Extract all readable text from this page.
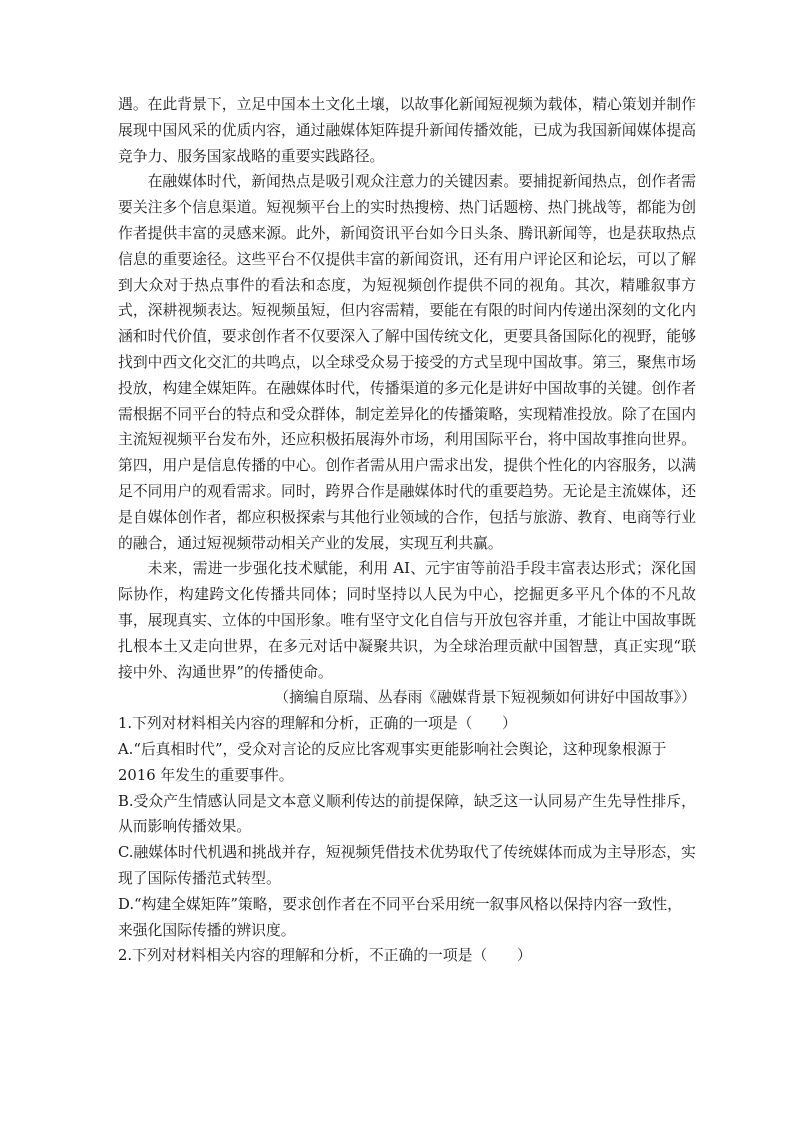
遇。在此背景下，立足中国本土文化土壤，以故事化新闻短视频为载体，精心策划并制作展现中国风采的优质内容，通过融媒体矩阵提升新闻传播效能，已成为我国新闻媒体提高竞争力、服务国家战略的重要实践路径。

在融媒体时代，新闻热点是吸引观众注意力的关键因素。要捕捉新闻热点，创作者需要关注多个信息渠道。短视频平台上的实时热搜榜、热门话题榜、热门挑战等，都能为创作者提供丰富的灵感来源。此外，新闻资讯平台如今日头条、腾讯新闻等，也是获取热点信息的重要途径。这些平台不仅提供丰富的新闻资讯，还有用户评论区和论坛，可以了解到大众对于热点事件的看法和态度，为短视频创作提供不同的视角。其次，精雕叙事方式，深耕视频表达。短视频虽短，但内容需精，要能在有限的时间内传递出深刻的文化内涵和时代价值，要求创作者不仅要深入了解中国传统文化，更要具备国际化的视野，能够找到中西文化交汇的共鸣点，以全球受众易于接受的方式呈现中国故事。第三，聚焦市场投放，构建全媒矩阵。在融媒体时代，传播渠道的多元化是讲好中国故事的关键。创作者需根据不同平台的特点和受众群体，制定差异化的传播策略，实现精准投放。除了在国内主流短视频平台发布外，还应积极拓展海外市场，利用国际平台，将中国故事推向世界。第四，用户是信息传播的中心。创作者需从用户需求出发，提供个性化的内容服务，以满足不同用户的观看需求。同时，跨界合作是融媒体时代的重要趋势。无论是主流媒体，还是自媒体创作者，都应积极探索与其他行业领域的合作，包括与旅游、教育、电商等行业的融合，通过短视频带动相关产业的发展，实现互利共赢。

未来，需进一步强化技术赋能，利用 AI、元宇宙等前沿手段丰富表达形式；深化国际协作，构建跨文化传播共同体；同时坚持以人民为中心，挖掘更多平凡个体的不凡故事，展现真实、立体的中国形象。唯有坚守文化自信与开放包容并重，才能让中国故事既扎根本土又走向世界，在多元对话中凝聚共识，为全球治理贡献中国智慧，真正实现“联接中外、沟通世界”的传播使命。

（摘编自原瑞、丛春雨《融媒背景下短视频如何讲好中国故事》）

1.下列对材料相关内容的理解和分析，正确的一项是（　　）

A.“后真相时代”，受众对言论的反应比客观事实更能影响社会舆论，这种现象根源于 2016 年发生的重要事件。

B.受众产生情感认同是文本意义顺利传达的前提保障，缺乏这一认同易产生先导性排斥，从而影响传播效果。

C.融媒体时代机遇和挑战并存，短视频凭借技术优势取代了传统媒体而成为主导形态，实现了国际传播范式转型。

D.“构建全媒矩阵”策略，要求创作者在不同平台采用统一叙事风格以保持内容一致性，来强化国际传播的辨识度。

2.下列对材料相关内容的理解和分析，不正确的一项是（　　）
